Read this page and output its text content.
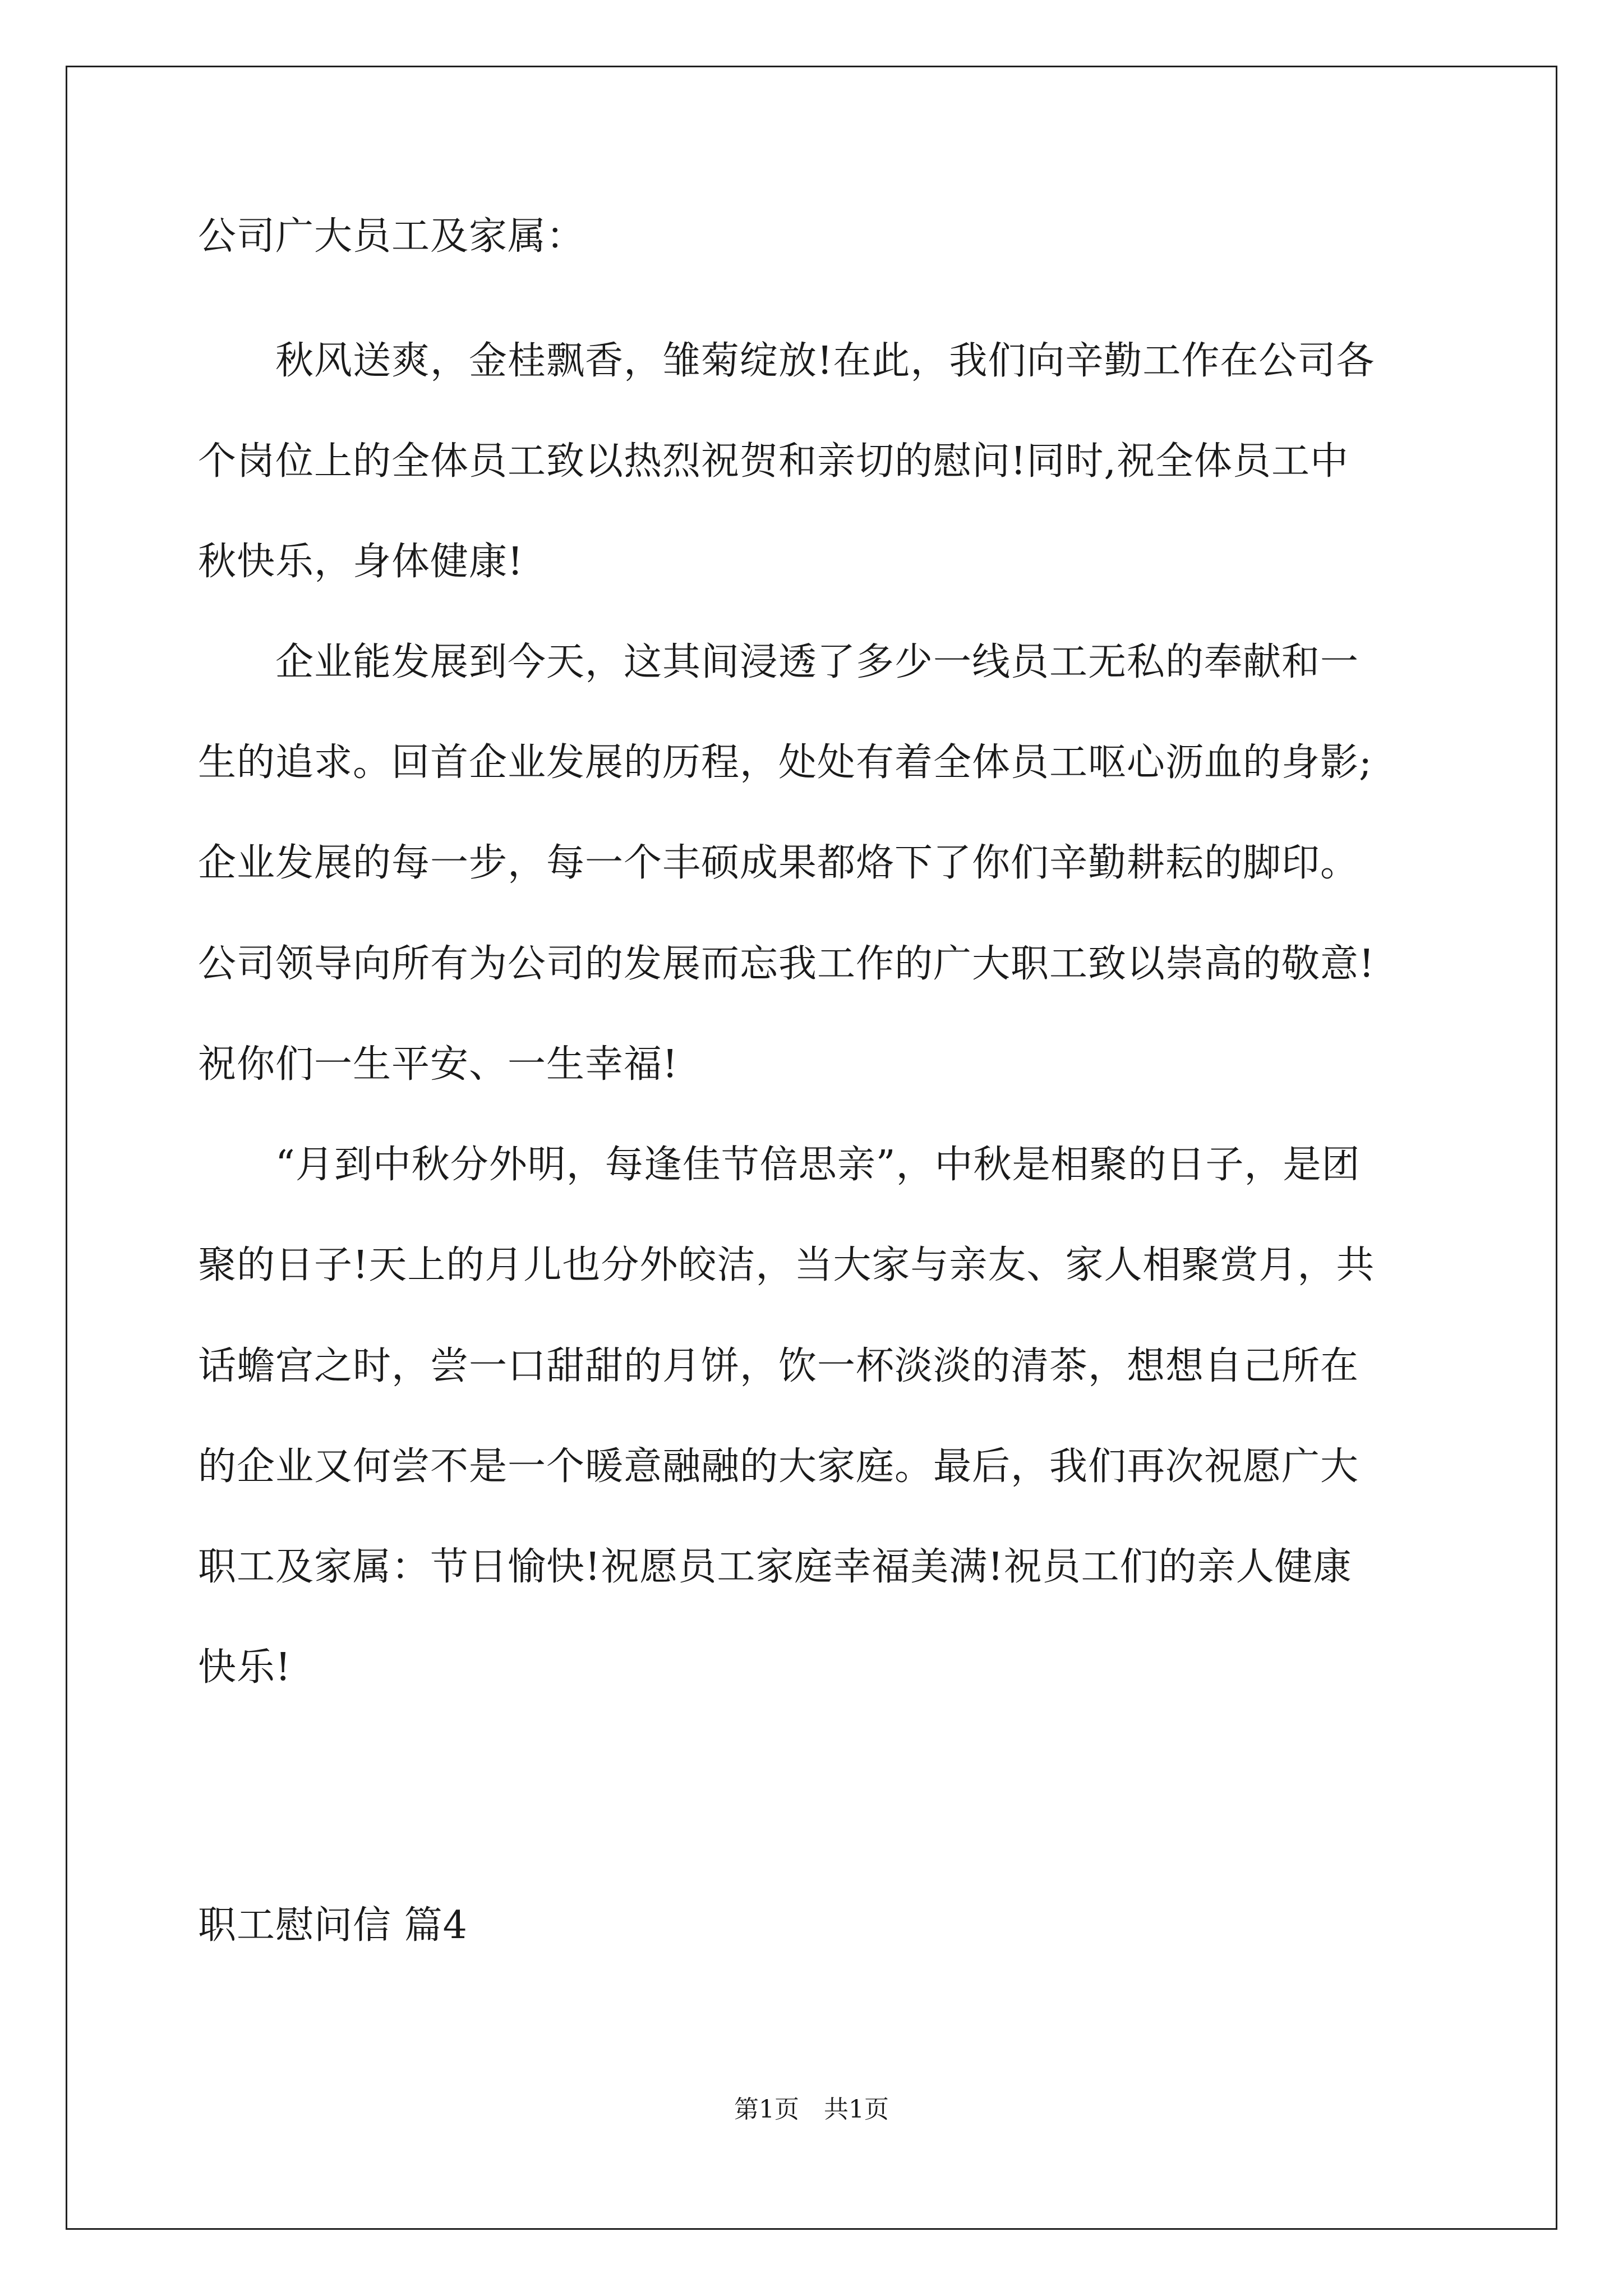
公司广大员工及家属：
　　秋风送爽，金桂飘香，雏菊绽放!在此，我们向辛勤工作在公司各
个岗位上的全体员工致以热烈祝贺和亲切的慰问!同时,祝全体员工中
秋快乐，身体健康!
　　企业能发展到今天，这其间浸透了多少一线员工无私的奉献和一
生的追求。回首企业发展的历程，处处有着全体员工呕心沥血的身影;
企业发展的每一步，每一个丰硕成果都烙下了你们辛勤耕耘的脚印。
公司领导向所有为公司的发展而忘我工作的广大职工致以崇高的敬意!
祝你们一生平安、一生幸福!
　　“月到中秋分外明，每逢佳节倍思亲”，中秋是相聚的日子，是团
聚的日子!天上的月儿也分外皎洁，当大家与亲友、家人相聚赏月，共
话蟾宫之时，尝一口甜甜的月饼，饮一杯淡淡的清茶，想想自己所在
的企业又何尝不是一个暖意融融的大家庭。最后，我们再次祝愿广大
职工及家属：节日愉快!祝愿员工家庭幸福美满!祝员工们的亲人健康
快乐!
职工慰问信 篇4
第1页　共1页
